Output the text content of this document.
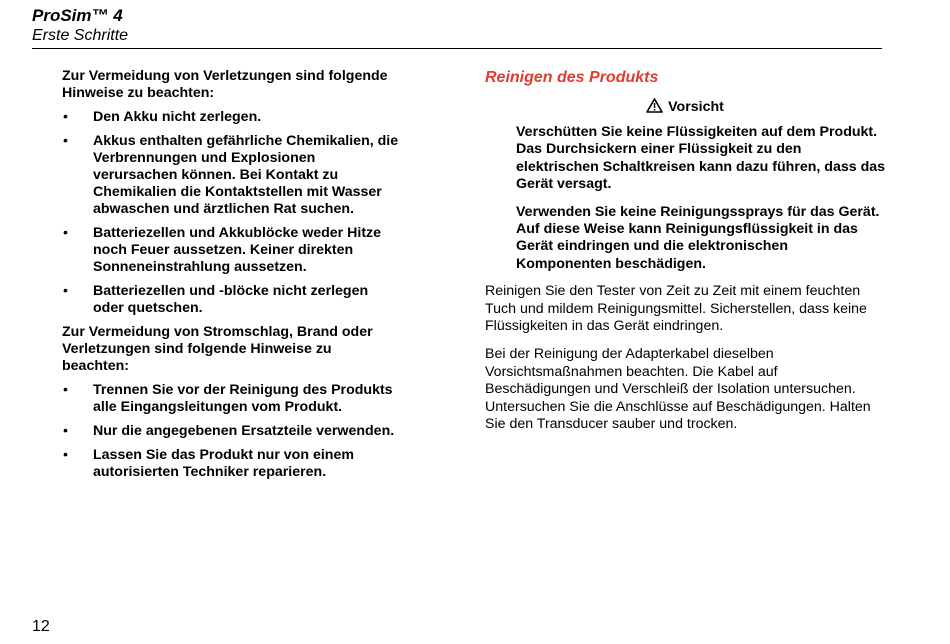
ProSim™ 4
Erste Schritte

Zur Vermeidung von Verletzungen sind folgende Hinweise zu beachten:

• Den Akku nicht zerlegen.
• Akkus enthalten gefährliche Chemikalien, die Verbrennungen und Explosionen verursachen können. Bei Kontakt zu Chemikalien die Kontaktstellen mit Wasser abwaschen und ärztlichen Rat suchen.
• Batteriezellen und Akkublöcke weder Hitze noch Feuer aussetzen. Keiner direkten Sonneneinstrahlung aussetzen.
• Batteriezellen und -blöcke nicht zerlegen oder quetschen.

Zur Vermeidung von Stromschlag, Brand oder Verletzungen sind folgende Hinweise zu beachten:

• Trennen Sie vor der Reinigung des Produkts alle Eingangsleitungen vom Produkt.
• Nur die angegebenen Ersatzteile verwenden.
• Lassen Sie das Produkt nur von einem autorisierten Techniker reparieren.
Reinigen des Produkts
Vorsicht

Verschütten Sie keine Flüssigkeiten auf dem Produkt. Das Durchsickern einer Flüssigkeit zu den elektrischen Schaltkreisen kann dazu führen, dass das Gerät versagt.

Verwenden Sie keine Reinigungssprays für das Gerät. Auf diese Weise kann Reinigungsflüssigkeit in das Gerät eindringen und die elektronischen Komponenten beschädigen.

Reinigen Sie den Tester von Zeit zu Zeit mit einem feuchten Tuch und mildem Reinigungsmittel. Sicherstellen, dass keine Flüssigkeiten in das Gerät eindringen.

Bei der Reinigung der Adapterkabel dieselben Vorsichtsmaßnahmen beachten. Die Kabel auf Beschädigungen und Verschleiß der Isolation untersuchen. Untersuchen Sie die Anschlüsse auf Beschädigungen. Halten Sie den Transducer sauber und trocken.

12
